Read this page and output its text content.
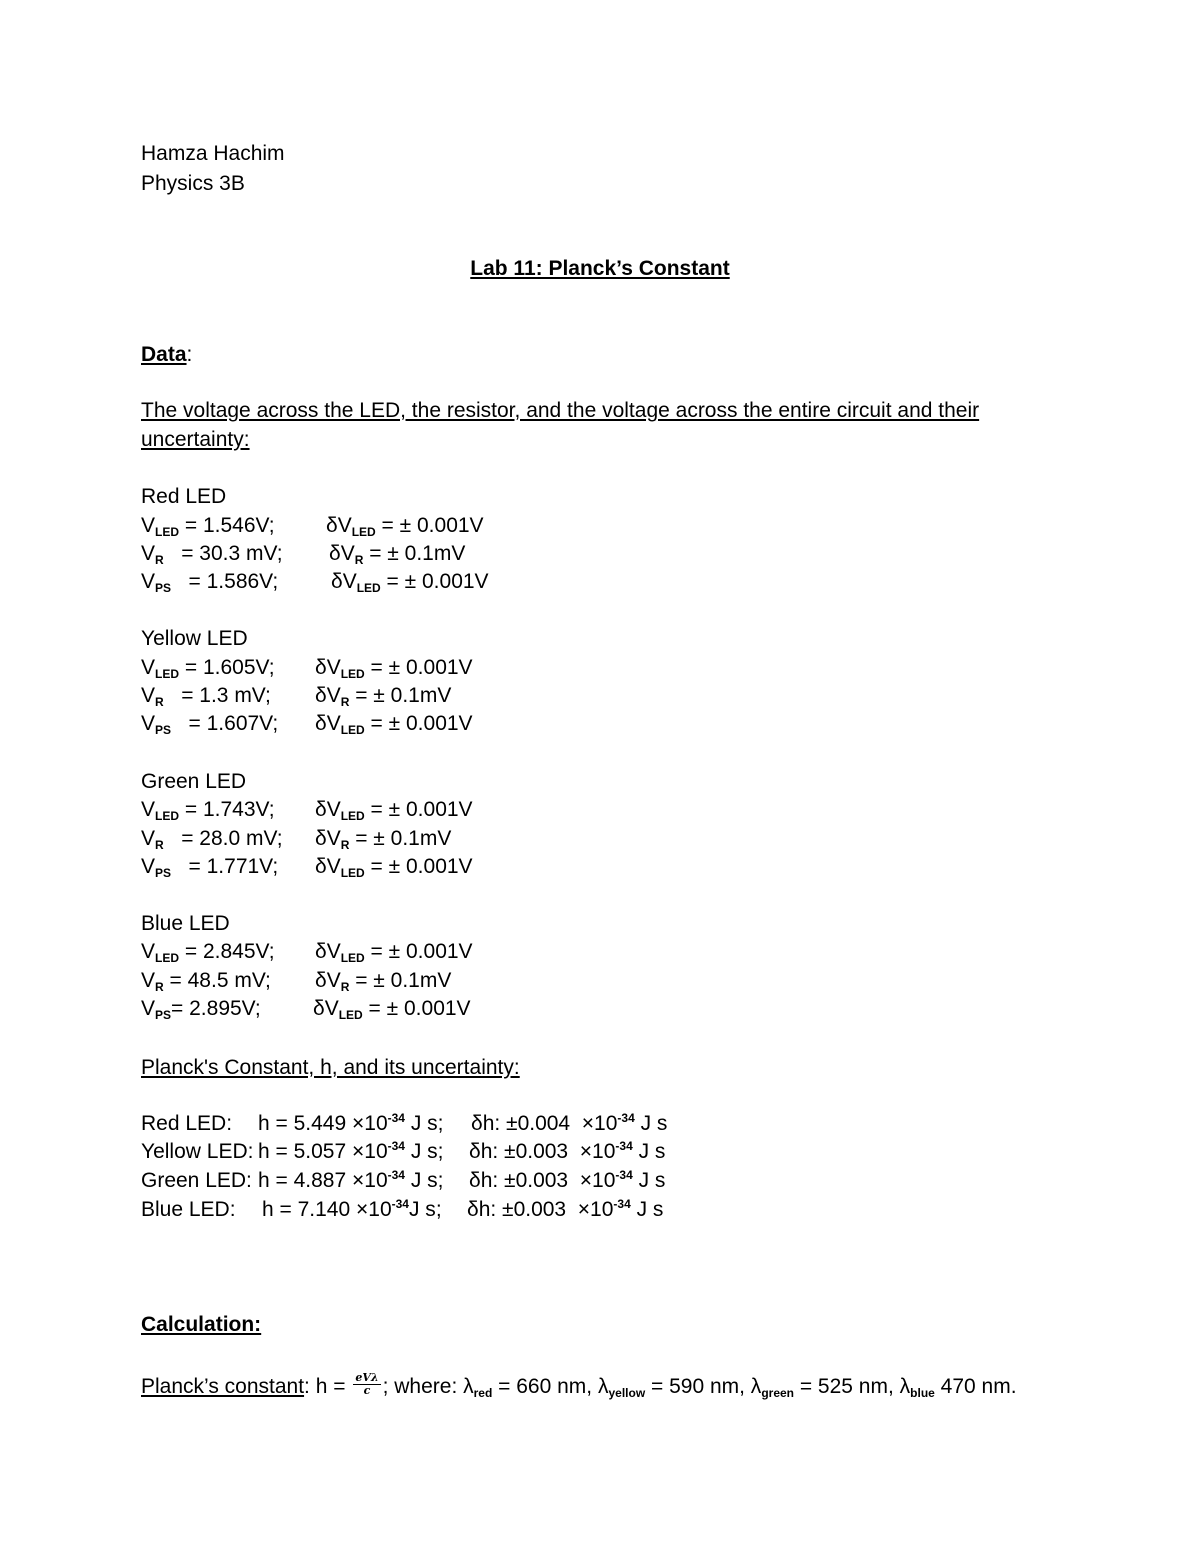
Hamza Hachim
Physics 3B
Lab 11: Planck’s Constant
Data:
The voltage across the LED, the resistor, and the voltage across the entire circuit and their
uncertainty:
Red LED
$V_{LED} = 1.546V$; $\delta V_{LED}$ = ± 0.001V
$V_R = 30.3$ mV; $\delta V_R$ = ± 0.1mV
$V_{PS} = 1.586V$;	$\delta V_{LED}$ = ± 0.001V
Yellow LED
$V_{LED} = 1.605V$; $\delta V_{LED}$ = ± 0.001V
$V_R = 1.3$ mV; $\delta V_R$ = ± 0.1mV
$V_{PS} = 1.607V$; $\delta V_{LED}$ = ± 0.001V
Green LED
$V_{LED} = 1.743V$; $\delta V_{LED}$ = ± 0.001V
$V_R = 28.0$ mV; $\delta V_R$ = ± 0.1mV
$V_{PS} = 1.771V$; $\delta V_{LED}$ = ± 0.001V
Blue LED
$V_{LED} = 2.845V$; $\delta V_{LED}$ = ± 0.001V
$V_R = 48.5$ mV; $\delta V_R$ = ± 0.1mV
$V_{PS}= 2.895V$; $\delta V_{LED}$ = ± 0.001V
Planck's Constant, h, and its uncertainty:
Red LED: $h = 5.449 \times 10^{-34}$ J s; δh: $\pm 0.004 \times 10^{-34}$ J s
Yellow LED: $h = 5.057 \times 10^{-34}$ J s; δh: $\pm 0.003 \times 10^{-34}$ J s
Green LED: $h = 4.887 \times 10^{-34}$ J s; δh: $\pm 0.003 \times 10^{-34}$ J s
Blue LED: $h = 7.140 \times 10^{-34}J$ s; δh: $\pm 0.003 \times 10^{-34}$ J s
Calculation:
Planck’s constant: $h = \frac{\text{eVλ}}{c}$ ; where: $\lambda_{red} = 660$ nm, $\lambda_{yellow} = 590$ nm, $\lambda_{green} = 525$ nm, $\lambda_{blue}$ 470 nm.
